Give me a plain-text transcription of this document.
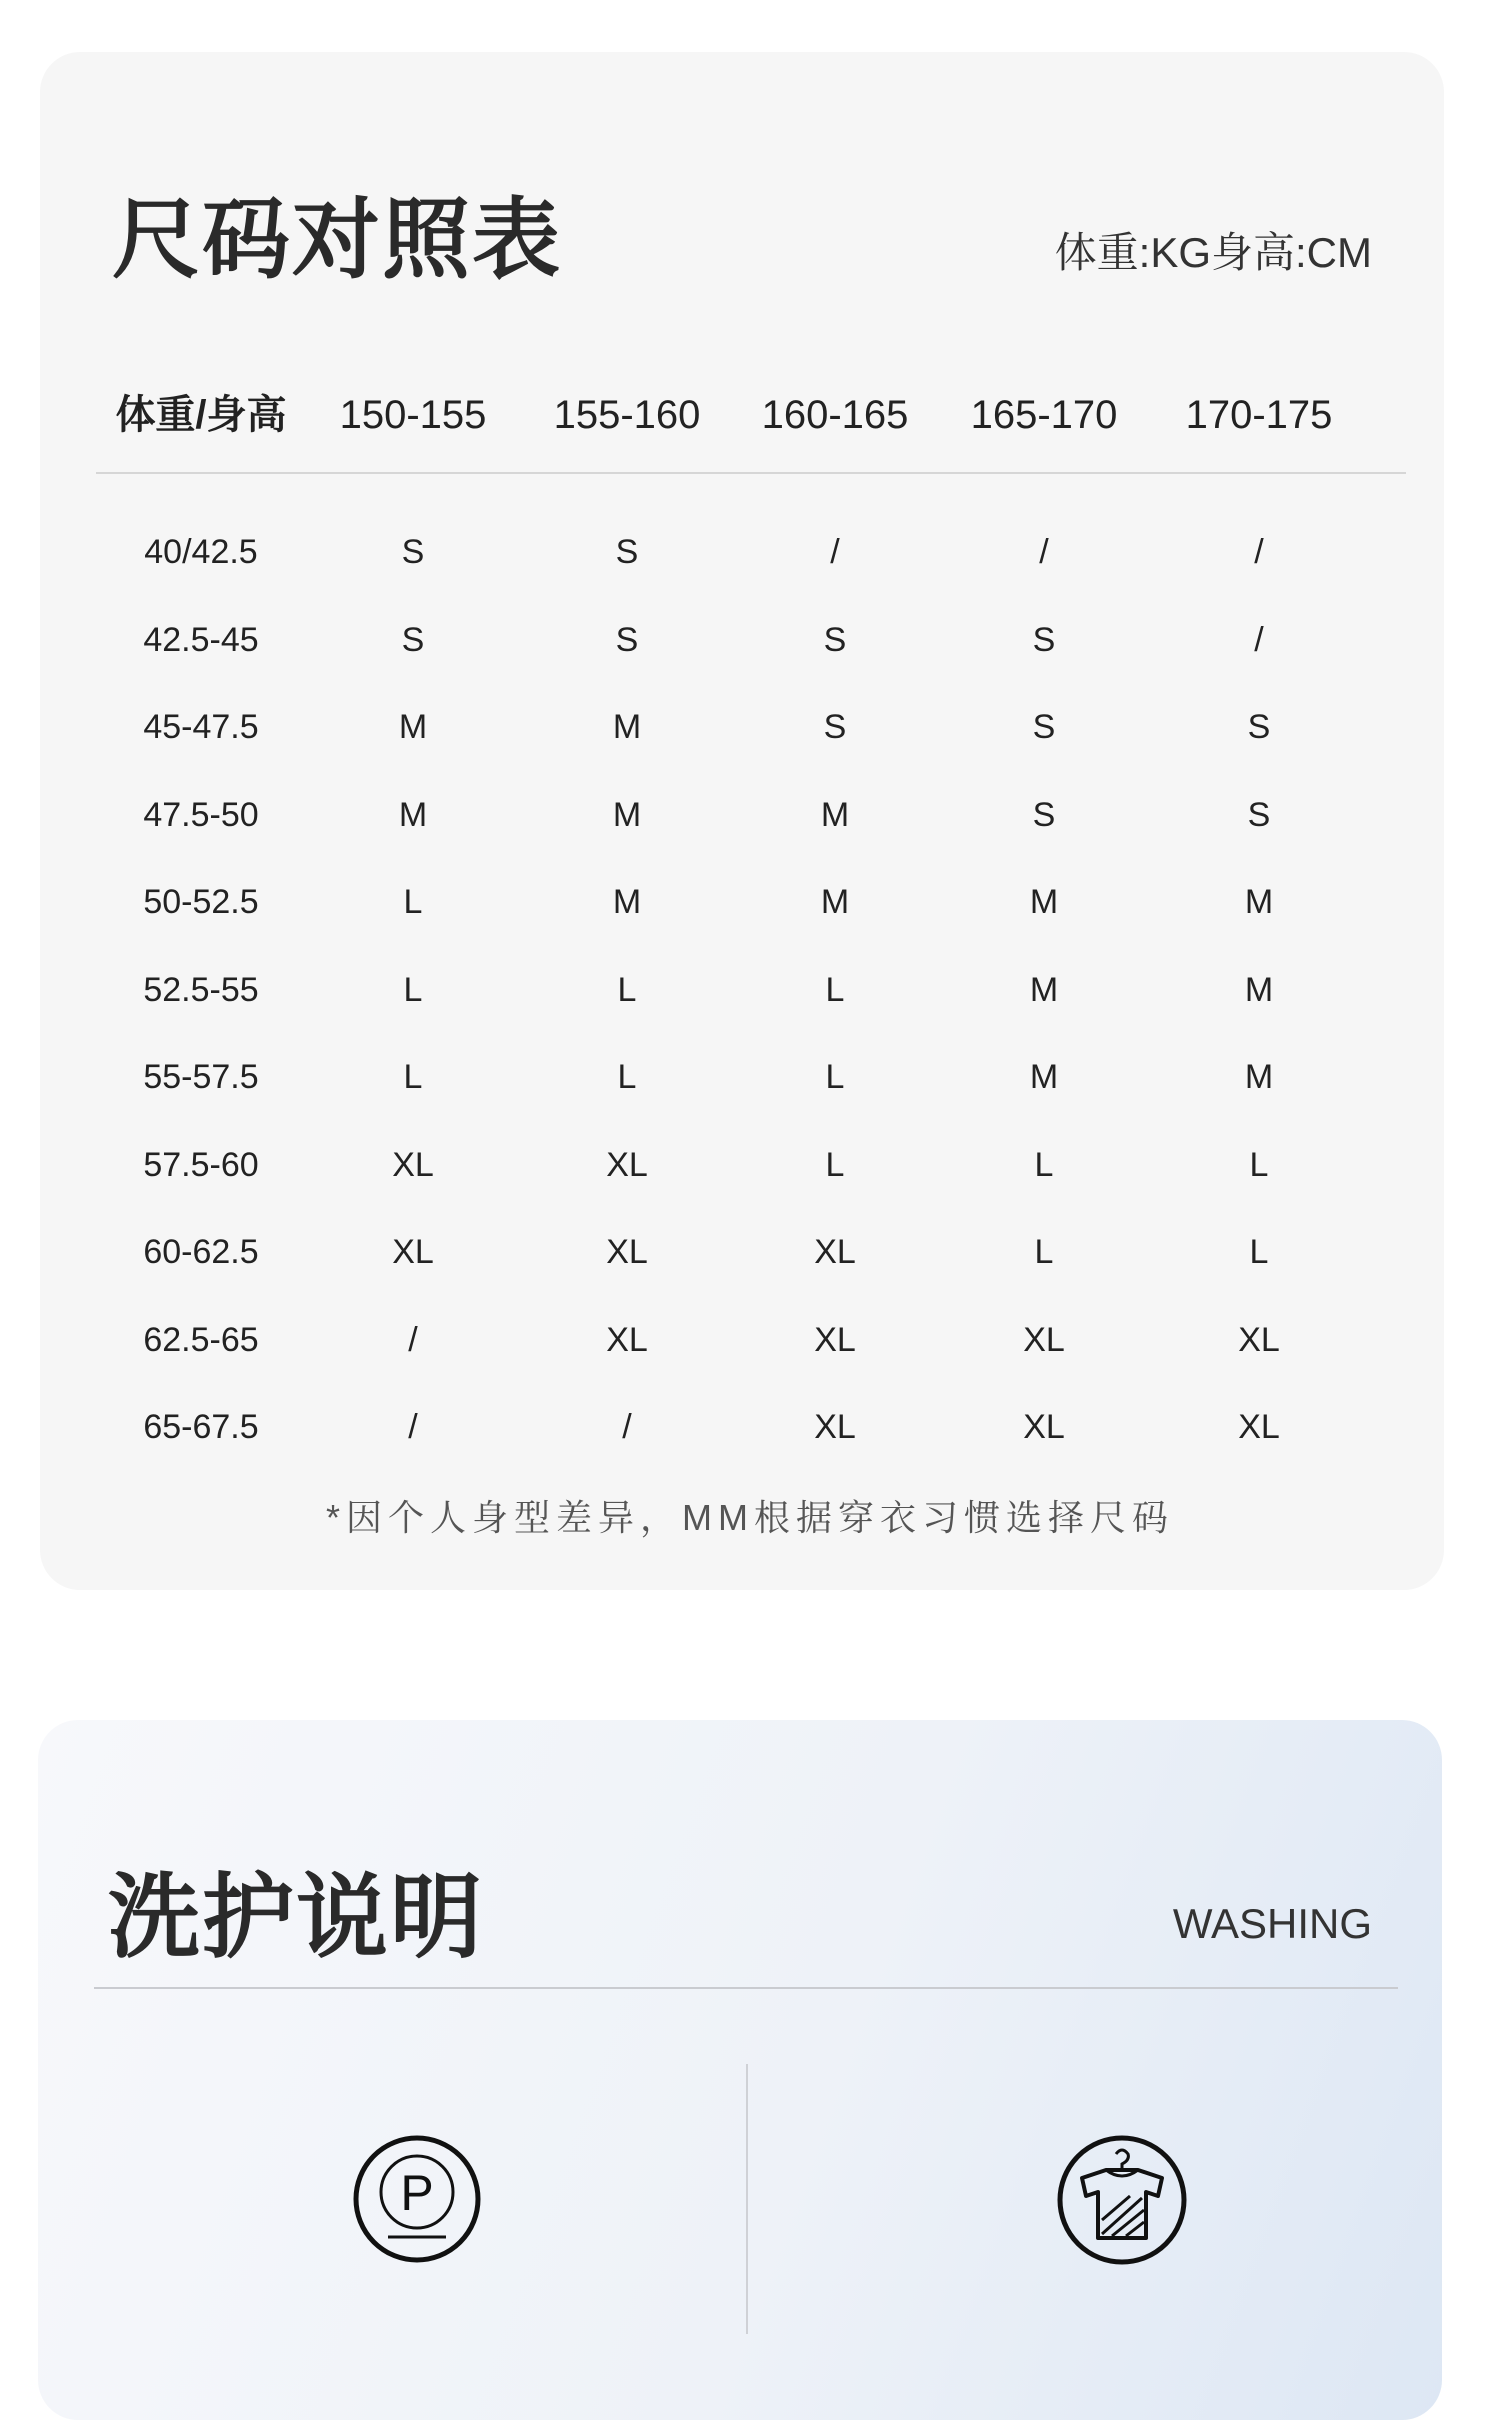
尺码对照表	体重:KG身高:CM
体重/身高	150-155	155-160	160-165	165-170	170-175
40/42.5	S	S	/	/	/
42.5-45	S	S	S	S	/
45-47.5	M	M	S	S	S
47.5-50	M	M	M	S	S
50-52.5	L	M	M	M	M
52.5-55	L	L	L	M	M
55-57.5	L	L	L	M	M
57.5-60	XL	XL	L	L	L
60-62.5	XL	XL	XL	L	L
62.5-65	/	XL	XL	XL	XL
65-67.5	/	/	XL	XL	XL
*因个人身型差异，MM根据穿衣习惯选择尺码
洗护说明	WASHING
P
